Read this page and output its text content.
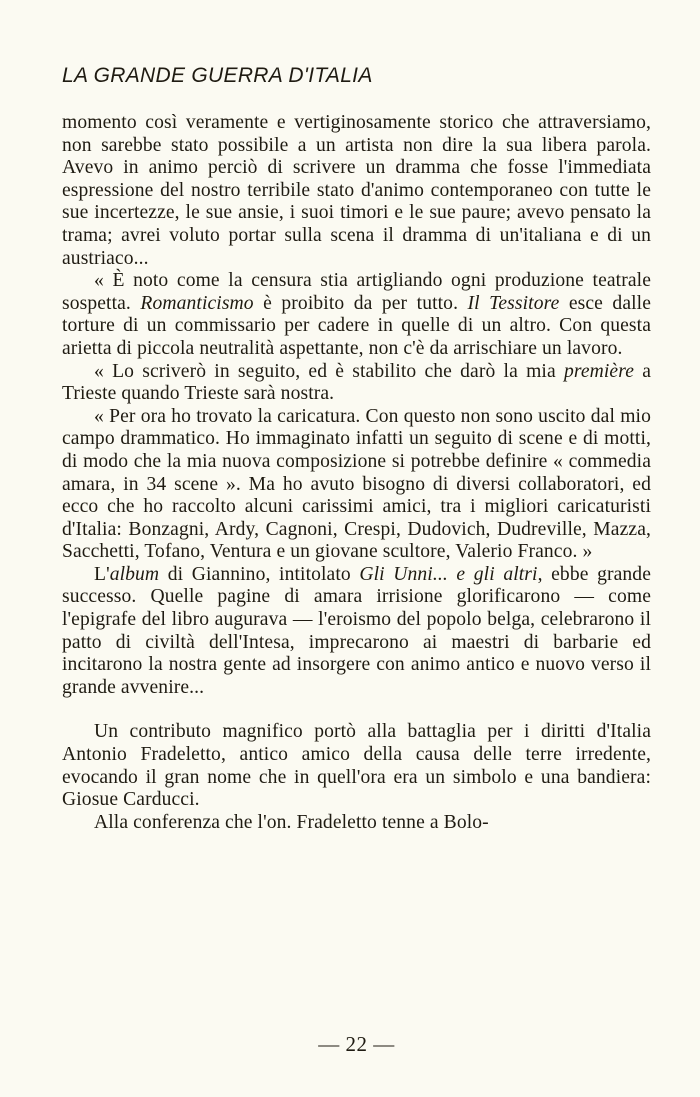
LA GRANDE GUERRA D'ITALIA

momento così veramente e vertiginosamente storico che attraversiamo, non sarebbe stato possibile a un artista non dire la sua libera parola. Avevo in animo perciò di scrivere un dramma che fosse l'immediata espressione del nostro terribile stato d'animo contemporaneo con tutte le sue incertezze, le sue ansie, i suoi timori e le sue paure; avevo pensato la trama; avrei voluto portar sulla scena il dramma di un'italiana e di un austriaco...

« È noto come la censura stia artigliando ogni produzione teatrale sospetta. Romanticismo è proibito da per tutto. Il Tessitore esce dalle torture di un commissario per cadere in quelle di un altro. Con questa arietta di piccola neutralità aspettante, non c'è da arrischiare un lavoro.

« Lo scriverò in seguito, ed è stabilito che darò la mia première a Trieste quando Trieste sarà nostra.

« Per ora ho trovato la caricatura. Con questo non sono uscito dal mio campo drammatico. Ho immaginato infatti un seguito di scene e di motti, di modo che la mia nuova composizione si potrebbe definire « commedia amara, in 34 scene ». Ma ho avuto bisogno di diversi collaboratori, ed ecco che ho raccolto alcuni carissimi amici, tra i migliori caricaturisti d'Italia: Bonzagni, Ardy, Cagnoni, Crespi, Dudovich, Dudreville, Mazza, Sacchetti, Tofano, Ventura e un giovane scultore, Valerio Franco. »

L'album di Giannino, intitolato Gli Unni... e gli altri, ebbe grande successo. Quelle pagine di amara irrisione glorificarono — come l'epigrafe del libro augurava — l'eroismo del popolo belga, celebrarono il patto di civiltà dell'Intesa, imprecarono ai maestri di barbarie ed incitarono la nostra gente ad insorgere con animo antico e nuovo verso il grande avvenire...

Un contributo magnifico portò alla battaglia per i diritti d'Italia Antonio Fradeletto, antico amico della causa delle terre irredente, evocando il gran nome che in quell'ora era un simbolo e una bandiera: Giosue Carducci.

Alla conferenza che l'on. Fradeletto tenne a Bolo-

— 22 —
